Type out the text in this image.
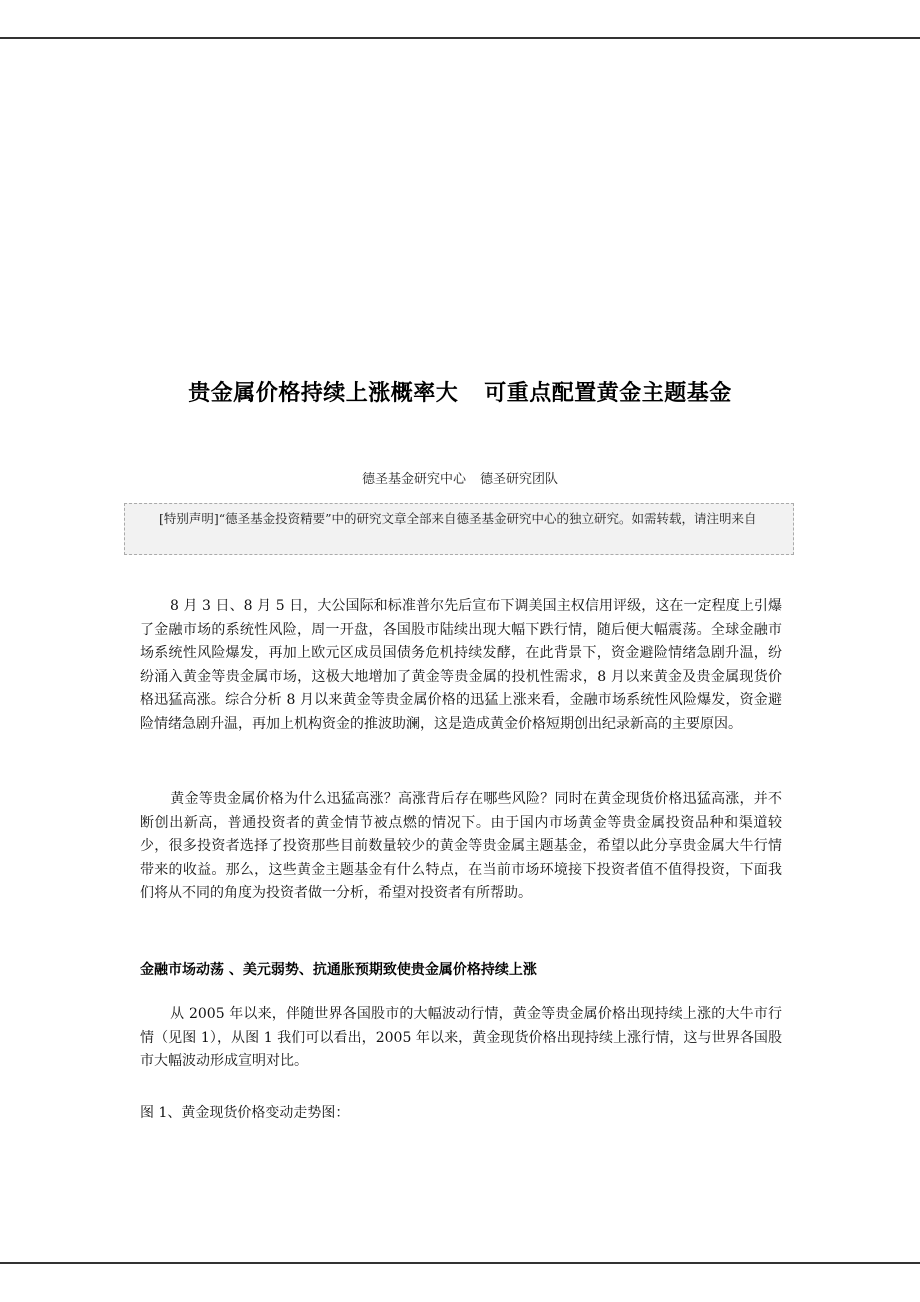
贵金属价格持续上涨概率大 可重点配置黄金主题基金
德圣基金研究中心 德圣研究团队
[特别声明]“德圣基金投资精要”中的研究文章全部来自德圣基金研究中心的独立研究。如需转载，请注明来自

8 月 3 日、8 月 5 日，大公国际和标准普尔先后宣布下调美国主权信用评级，这在一定程度上引爆了金融市场的系统性风险，周一开盘，各国股市陆续出现大幅下跌行情，随后便大幅震荡。全球金融市场系统性风险爆发，再加上欧元区成员国债务危机持续发酵，在此背景下，资金避险情绪急剧升温，纷纷涌入黄金等贵金属市场，这极大地增加了黄金等贵金属的投机性需求，8 月以来黄金及贵金属现货价格迅猛高涨。综合分析 8 月以来黄金等贵金属价格的迅猛上涨来看，金融市场系统性风险爆发，资金避险情绪急剧升温，再加上机构资金的推波助澜，这是造成黄金价格短期创出纪录新高的主要原因。

黄金等贵金属价格为什么迅猛高涨？高涨背后存在哪些风险？同时在黄金现货价格迅猛高涨，并不断创出新高，普通投资者的黄金情节被点燃的情况下。由于国内市场黄金等贵金属投资品种和渠道较少，很多投资者选择了投资那些目前数量较少的黄金等贵金属主题基金，希望以此分享贵金属大牛行情带来的收益。那么，这些黄金主题基金有什么特点，在当前市场环境接下投资者值不值得投资，下面我们将从不同的角度为投资者做一分析，希望对投资者有所帮助。

金融市场动荡 、美元弱势、抗通胀预期致使贵金属价格持续上涨

从 2005 年以来，伴随世界各国股市的大幅波动行情，黄金等贵金属价格出现持续上涨的大牛市行情（见图 1），从图 1 我们可以看出，2005 年以来，黄金现货价格出现持续上涨行情，这与世界各国股市大幅波动形成宣明对比。

图 1、黄金现货价格变动走势图：
